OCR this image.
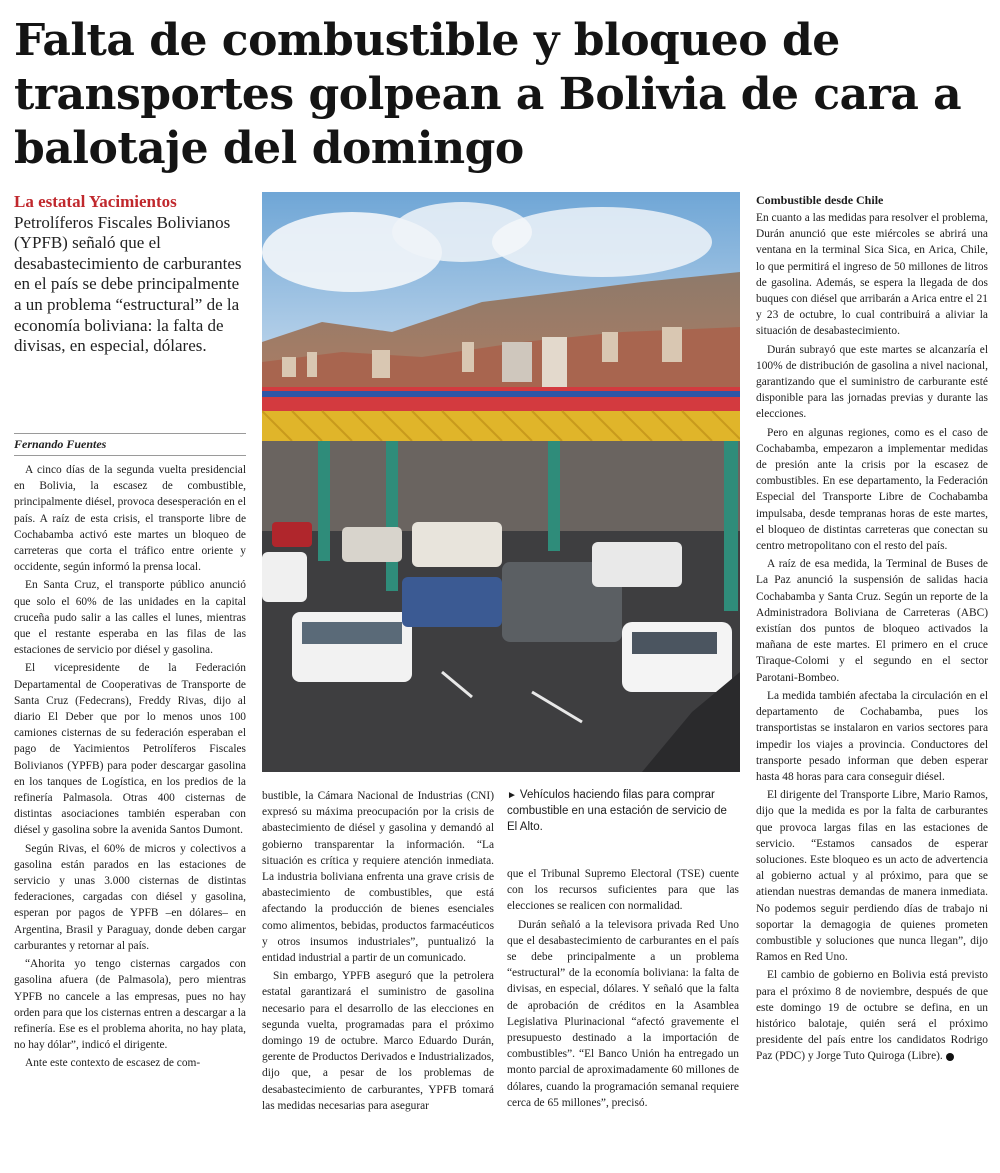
Falta de combustible y bloqueo de transportes golpean a Bolivia de cara a balotaje del domingo
La estatal Yacimientos Petrolíferos Fiscales Bolivianos (YPFB) señaló que el desabastecimiento de carburantes en el país se debe principalmente a un problema “estructural” de la economía boliviana: la falta de divisas, en especial, dólares.
Fernando Fuentes

A cinco días de la segunda vuelta presidencial en Bolivia, la escasez de combustible, principalmente diésel, provoca desesperación en el país. A raíz de esta crisis, el transporte libre de Cochabamba activó este martes un bloqueo de carreteras que corta el tráfico entre oriente y occidente, según informó la prensa local.

En Santa Cruz, el transporte público anunció que solo el 60% de las unidades en la capital cruceña pudo salir a las calles el lunes, mientras que el restante esperaba en las filas de las estaciones de servicio por diésel y gasolina.

El vicepresidente de la Federación Departamental de Cooperativas de Transporte de Santa Cruz (Fedecrans), Freddy Rivas, dijo al diario El Deber que por lo menos unos 100 camiones cisternas de su federación esperaban el pago de Yacimientos Petrolíferos Fiscales Bolivianos (YPFB) para poder descargar gasolina en los tanques de Logística, en los predios de la refinería Palmasola. Otras 400 cisternas de distintas asociaciones también esperaban con diésel y gasolina sobre la avenida Santos Dumont.

Según Rivas, el 60% de micros y colectivos a gasolina están parados en las estaciones de servicio y unas 3.000 cisternas de distintas federaciones, cargadas con diésel y gasolina, esperan por pagos de YPFB –en dólares– en Argentina, Brasil y Paraguay, donde deben cargar carburantes y retornar al país.

“Ahorita yo tengo cisternas cargados con gasolina afuera (de Palmasola), pero mientras YPFB no cancele a las empresas, pues no hay orden para que los cisternas entren a descargar a la refinería. Ese es el problema ahorita, no hay plata, no hay dólar”, indicó el dirigente.

Ante este contexto de escasez de com-

bustible, la Cámara Nacional de Industrias (CNI) expresó su máxima preocupación por la crisis de abastecimiento de diésel y gasolina y demandó al gobierno transparentar la información. “La situación es crítica y requiere atención inmediata. La industria boliviana enfrenta una grave crisis de abastecimiento de combustibles, que está afectando la producción de bienes esenciales como alimentos, bebidas, productos farmacéuticos y otros insumos industriales”, puntualizó la entidad industrial a partir de un comunicado.

Sin embargo, YPFB aseguró que la petrolera estatal garantizará el suministro de gasolina necesario para el desarrollo de las elecciones en segunda vuelta, programadas para el próximo domingo 19 de octubre. Marco Eduardo Durán, gerente de Productos Derivados e Industrializados, dijo que, a pesar de los problemas de desabastecimiento de carburantes, YPFB tomará las medidas necesarias para asegurar

► Vehículos haciendo filas para comprar combustible en una estación de servicio de El Alto.

que el Tribunal Supremo Electoral (TSE) cuente con los recursos suficientes para que las elecciones se realicen con normalidad.

Durán señaló a la televisora privada Red Uno que el desabastecimiento de carburantes en el país se debe principalmente a un problema “estructural” de la economía boliviana: la falta de divisas, en especial, dólares. Y señaló que la falta de aprobación de créditos en la Asamblea Legislativa Plurinacional “afectó gravemente el presupuesto destinado a la importación de combustibles”. “El Banco Unión ha entregado un monto parcial de aproximadamente 60 millones de dólares, cuando la programación semanal requiere cerca de 65 millones”, precisó.

Combustible desde Chile

En cuanto a las medidas para resolver el problema, Durán anunció que este miércoles se abrirá una ventana en la terminal Sica Sica, en Arica, Chile, lo que permitirá el ingreso de 50 millones de litros de gasolina. Además, se espera la llegada de dos buques con diésel que arribarán a Arica entre el 21 y 23 de octubre, lo cual contribuirá a aliviar la situación de desabastecimiento.

Durán subrayó que este martes se alcanzaría el 100% de distribución de gasolina a nivel nacional, garantizando que el suministro de carburante esté disponible para las jornadas previas y durante las elecciones.

Pero en algunas regiones, como es el caso de Cochabamba, empezaron a implementar medidas de presión ante la crisis por la escasez de combustibles. En ese departamento, la Federación Especial del Transporte Libre de Cochabamba impulsaba, desde tempranas horas de este martes, el bloqueo de distintas carreteras que conectan su centro metropolitano con el resto del país.

A raíz de esa medida, la Terminal de Buses de La Paz anunció la suspensión de salidas hacia Cochabamba y Santa Cruz. Según un reporte de la Administradora Boliviana de Carreteras (ABC) existían dos puntos de bloqueo activados la mañana de este martes. El primero en el cruce Tiraque-Colomi y el segundo en el sector Parotani-Bombeo.

La medida también afectaba la circulación en el departamento de Cochabamba, pues los transportistas se instalaron en varios sectores para impedir los viajes a provincia. Conductores del transporte pesado informan que deben esperar hasta 48 horas para cara conseguir diésel.

El dirigente del Transporte Libre, Mario Ramos, dijo que la medida es por la falta de carburantes que provoca largas filas en las estaciones de servicio. “Estamos cansados de esperar soluciones. Este bloqueo es un acto de advertencia al gobierno actual y al próximo, para que se atiendan nuestras demandas de manera inmediata. No podemos seguir perdiendo días de trabajo ni soportar la demagogia de quienes prometen combustible y soluciones que nunca llegan”, dijo Ramos en Red Uno.

El cambio de gobierno en Bolivia está previsto para el próximo 8 de noviembre, después de que este domingo 19 de octubre se defina, en un histórico balotaje, quién será el próximo presidente del país entre los candidatos Rodrigo Paz (PDC) y Jorge Tuto Quiroga (Libre).
